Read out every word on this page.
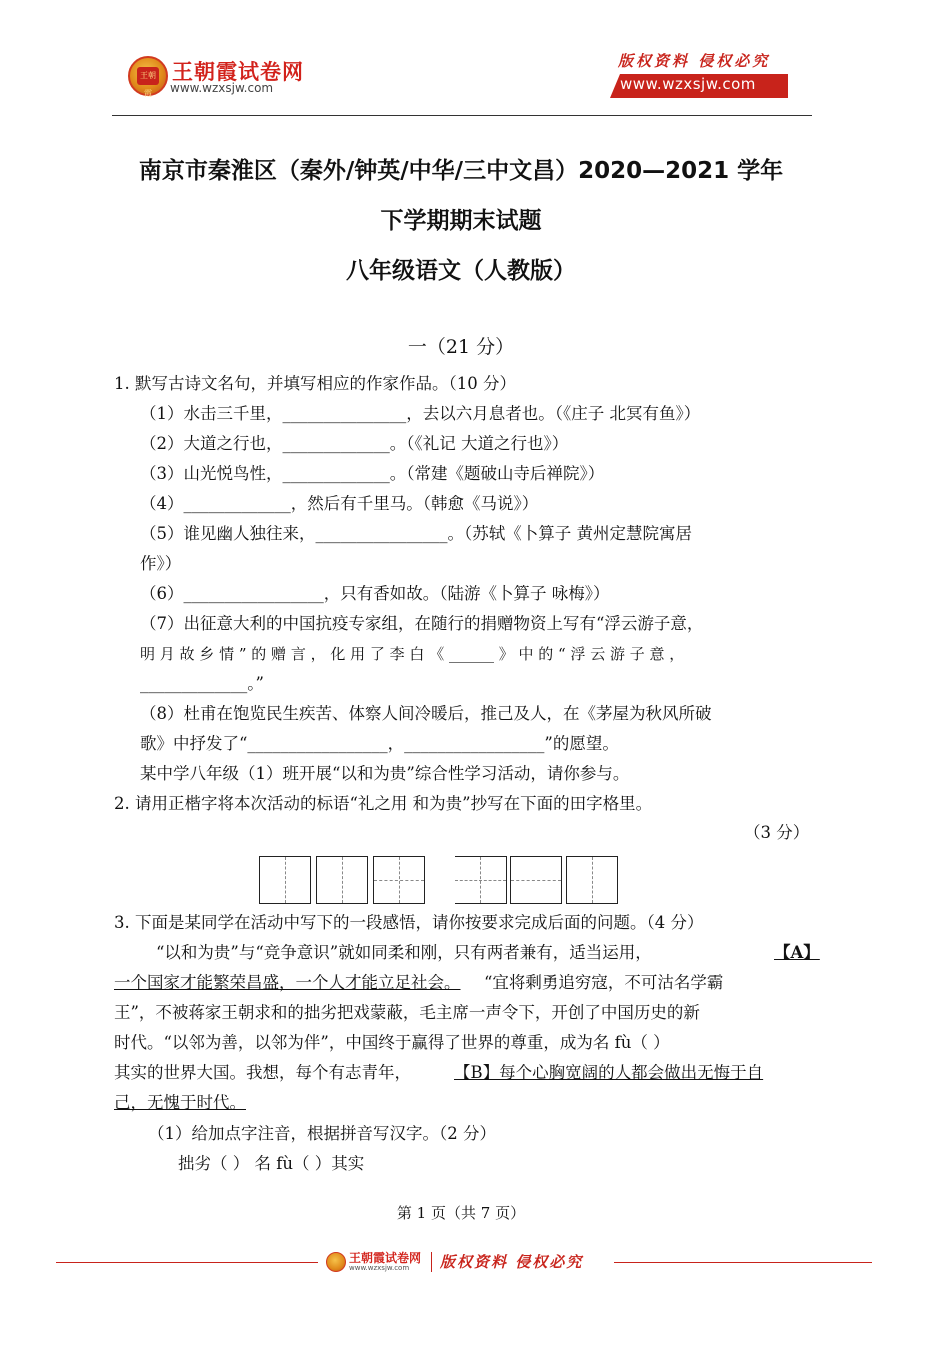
王朝霞
王朝霞试卷网
www.wzxsjw.com
版权资料 侵权必究
www.wzxsjw.com
南京市秦淮区（秦外/钟英/中华/三中文昌）2020—2021 学年
下学期期末试题
八年级语文（人教版）
一（21 分）
1. 默写古诗文名句，并填写相应的作家作品。（10 分）
（1）水击三千里，_______________，去以六月息者也。（《庄子 北冥有鱼》）
（2）大道之行也，_____________。（《礼记 大道之行也》）
（3）山光悦鸟性，_____________。（常建《题破山寺后禅院》）
（4）_____________，然后有千里马。（韩愈《马说》）
（5）谁见幽人独往来，________________。（苏轼《卜算子 黄州定慧院寓居
作》）
（6）_________________，只有香如故。（陆游《卜算子 咏梅》）
（7）出征意大利的中国抗疫专家组，在随行的捐赠物资上写有“浮云游子意，
明 月 故 乡 情 ” 的 赠 言 ， 化 用 了 李 白 《 ______ 》 中 的 “ 浮 云 游 子 意 ，
_____________。”
（8）杜甫在饱览民生疾苦、体察人间冷暖后，推己及人，在《茅屋为秋风所破
歌》中抒发了“_________________，_________________”的愿望。
某中学八年级（1）班开展“以和为贵”综合性学习活动，请你参与。
2. 请用正楷字将本次活动的标语“礼之用 和为贵”抄写在下面的田字格里。
（3 分）
3. 下面是某同学在活动中写下的一段感悟，请你按要求完成后面的问题。（4 分）
“以和为贵”与“竞争意识”就如同柔和刚，只有两者兼有，适当运用，	【A】
一个国家才能繁荣昌盛，一个人才能立足社会。 “宜将剩勇追穷寇，不可沽名学霸
王”，不被蒋家王朝求和的拙劣把戏蒙蔽，毛主席一声令下，开创了中国历史的新
时代。“以邻为善，以邻为伴”，中国终于赢得了世界的尊重，成为名 fù（ ）
其实的世界大国。我想，每个有志青年，	【B】每个心胸宽阔的人都会做出无悔于自
己，无愧于时代。
（1）给加点字注音，根据拼音写汉字。（2 分）
拙劣（ ） 名 fù（ ）其实
第 1 页（共 7 页）
王朝霞试卷网
www.wzxsjw.com 版权资料 侵权必究
